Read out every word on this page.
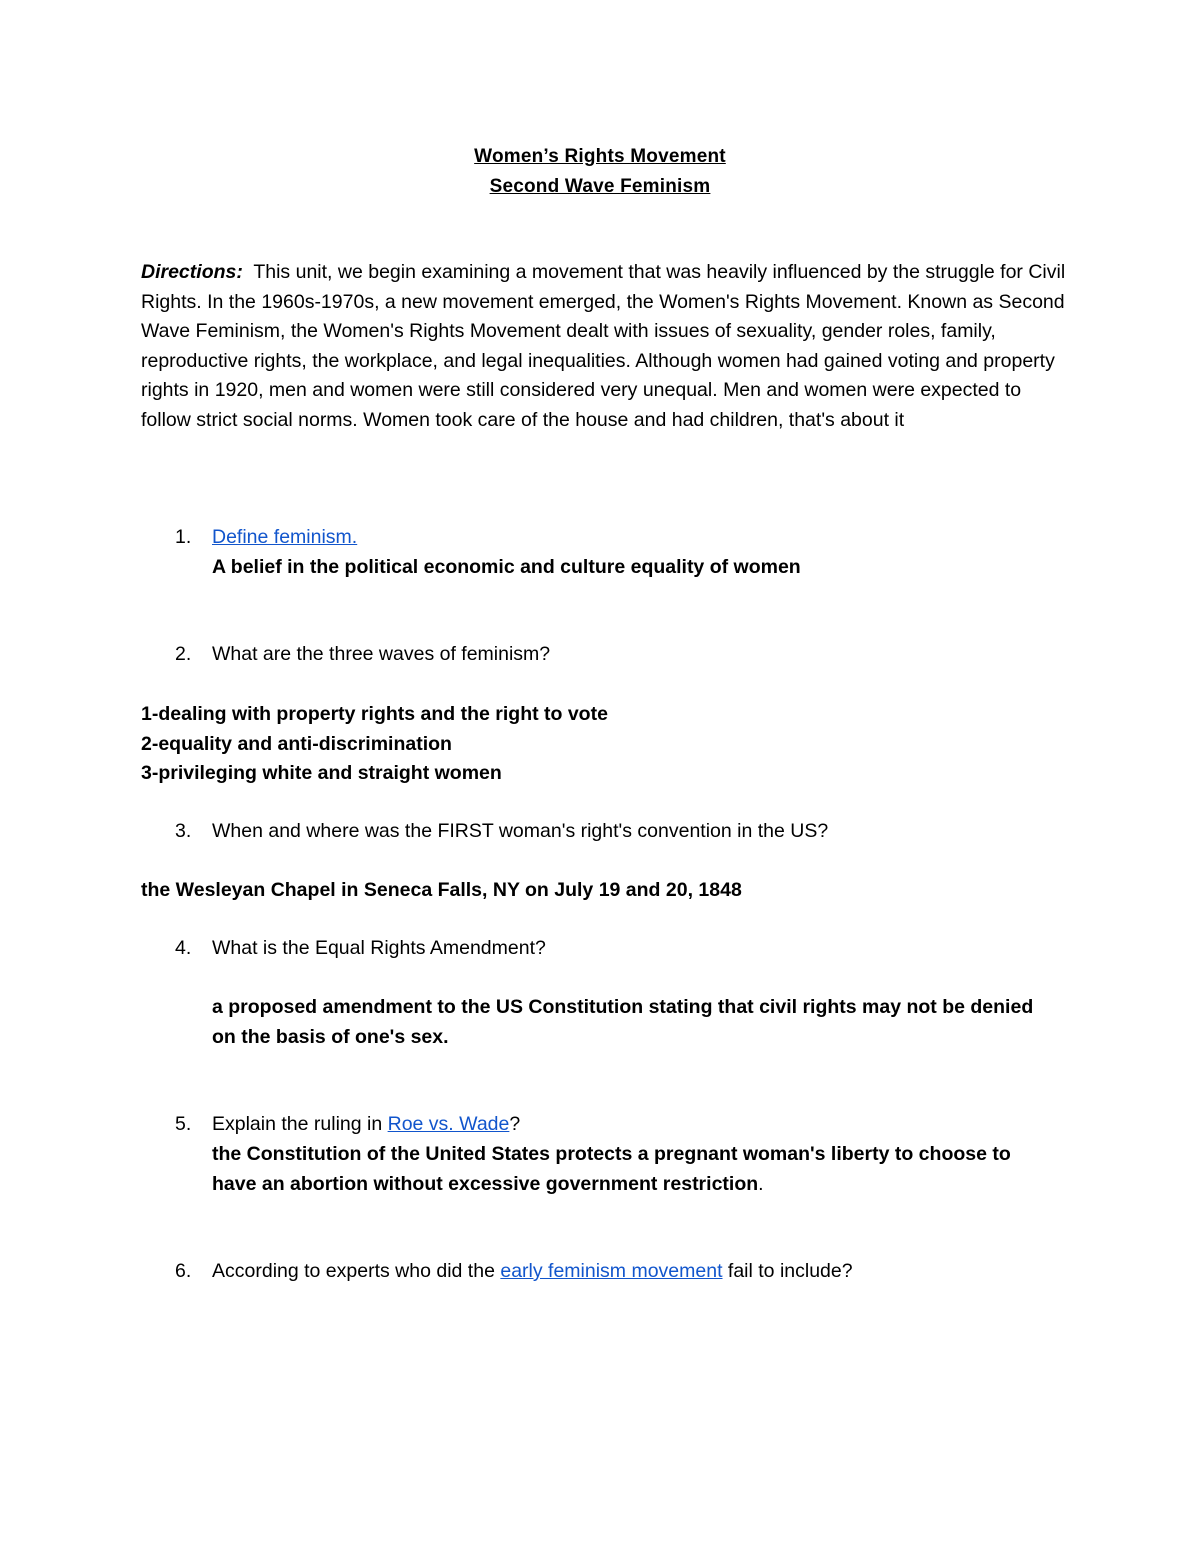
Women’s Rights Movement
Second Wave Feminism
Directions: This unit, we begin examining a movement that was heavily influenced by the struggle for Civil Rights. In the 1960s-1970s, a new movement emerged, the Women's Rights Movement. Known as Second Wave Feminism, the Women's Rights Movement dealt with issues of sexuality, gender roles, family, reproductive rights, the workplace, and legal inequalities. Although women had gained voting and property rights in 1920, men and women were still considered very unequal. Men and women were expected to follow strict social norms. Women took care of the house and had children, that's about it
1. Define feminism.
A belief in the political economic and culture equality of women
2. What are the three waves of feminism?
1-dealing with property rights and the right to vote
2-equality and anti-discrimination
3-privileging white and straight women
3. When and where was the FIRST woman's right's convention in the US?
the Wesleyan Chapel in Seneca Falls, NY on July 19 and 20, 1848
4. What is the Equal Rights Amendment?
a proposed amendment to the US Constitution stating that civil rights may not be denied on the basis of one's sex.
5. Explain the ruling in Roe vs. Wade?
the Constitution of the United States protects a pregnant woman's liberty to choose to have an abortion without excessive government restriction.
6. According to experts who did the early feminism movement fail to include?
